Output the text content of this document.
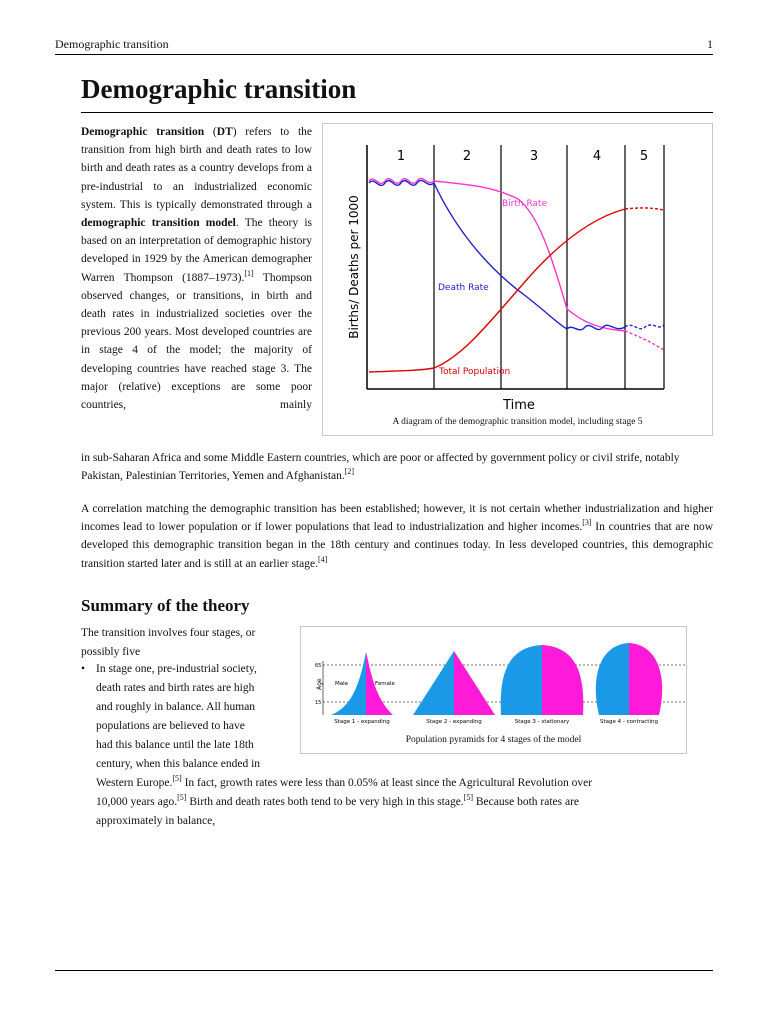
Demographic transition	1
Demographic transition

Demographic transition (DT) refers to the transition from high birth and death rates to low birth and death rates as a country develops from a pre-industrial to an industrialized economic system. This is typically demonstrated through a demographic transition model. The theory is based on an interpretation of demographic history developed in 1929 by the American demographer Warren Thompson (1887–1973).[1] Thompson observed changes, or transitions, in birth and death rates in industrialized societies over the previous 200 years. Most developed countries are in stage 4 of the model; the majority of developing countries have reached stage 3. The major (relative) exceptions are some poor countries, mainly

1	2	3	4	5
Births/ Deaths per 1000
Time
Birth Rate
Death Rate
Total Population
A diagram of the demographic transition model, including stage 5

in sub-Saharan Africa and some Middle Eastern countries, which are poor or affected by government policy or civil strife, notably Pakistan, Palestinian Territories, Yemen and Afghanistan.[2]

A correlation matching the demographic transition has been established; however, it is not certain whether industrialization and higher incomes lead to lower population or if lower populations that lead to industrialization and higher incomes.[3] In countries that are now developed this demographic transition began in the 18th century and continues today. In less developed countries, this demographic transition started later and is still at an earlier stage.[4]

Summary of the theory
The transition involves four stages, or
possibly five
65
15
Age Male	Female
Stage 1 - expanding	Stage 2 - expanding	Stage 3 - stationary	Stage 4 - contracting
Population pyramids for 4 stages of the model
• In stage one, pre-industrial society,
death rates and birth rates are high
and roughly in balance. All human
populations are believed to have
had this balance until the late 18th
century, when this balance ended in
Western Europe.[5] In fact, growth rates were less than 0.05% at least since the Agricultural Revolution over
10,000 years ago.[5] Birth and death rates both tend to be very high in this stage.[5] Because both rates are
approximately in balance,
